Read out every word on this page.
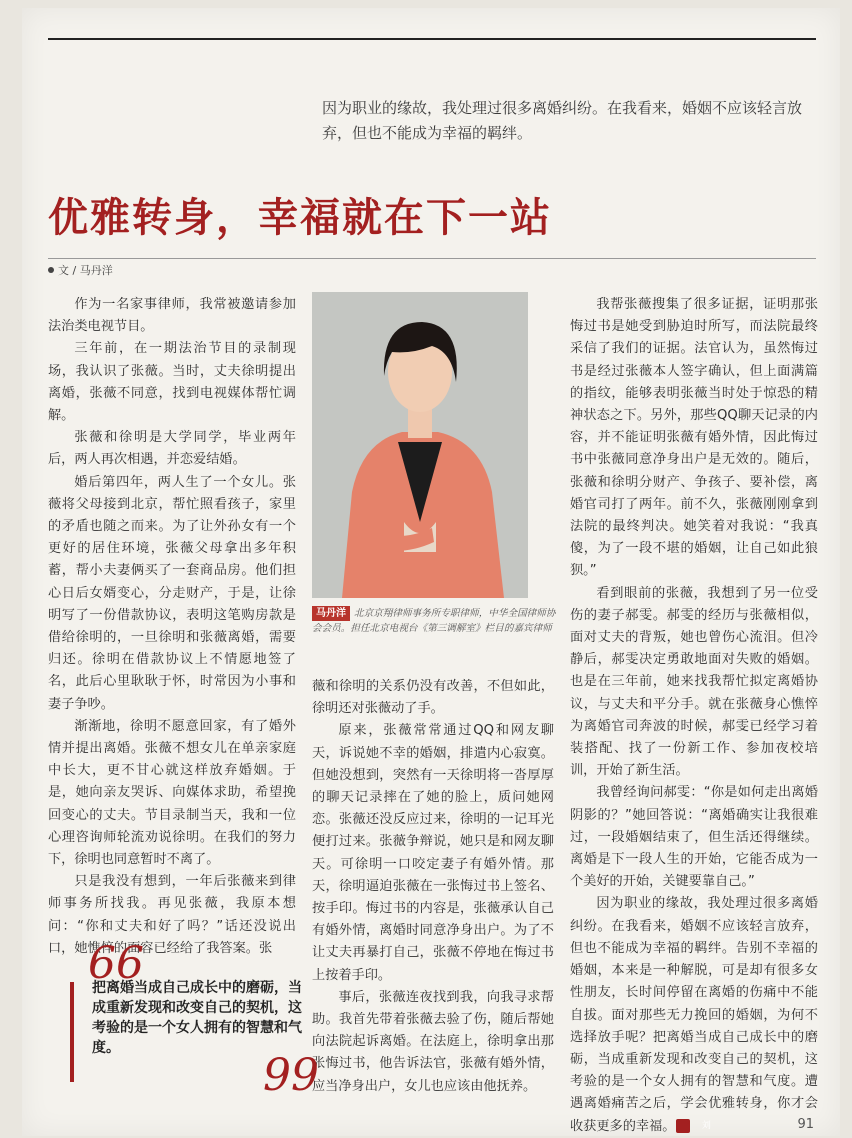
因为职业的缘故，我处理过很多离婚纠纷。在我看来，婚姻不应该轻言放弃，但也不能成为幸福的羁绊。
优雅转身，幸福就在下一站
文 / 马丹洋

作为一名家事律师，我常被邀请参加法治类电视节目。

三年前，在一期法治节目的录制现场，我认识了张薇。当时，丈夫徐明提出离婚，张薇不同意，找到电视媒体帮忙调解。

张薇和徐明是大学同学，毕业两年后，两人再次相遇，并恋爱结婚。

婚后第四年，两人生了一个女儿。张薇将父母接到北京，帮忙照看孩子，家里的矛盾也随之而来。为了让外孙女有一个更好的居住环境，张薇父母拿出多年积蓄，帮小夫妻俩买了一套商品房。他们担心日后女婿变心，分走财产，于是，让徐明写了一份借款协议，表明这笔购房款是借给徐明的，一旦徐明和张薇离婚，需要归还。徐明在借款协议上不情愿地签了名，此后心里耿耿于怀，时常因为小事和妻子争吵。

渐渐地，徐明不愿意回家，有了婚外情并提出离婚。张薇不想女儿在单亲家庭中长大，更不甘心就这样放弃婚姻。于是，她向亲友哭诉、向媒体求助，希望挽回变心的丈夫。节目录制当天，我和一位心理咨询师轮流劝说徐明。在我们的努力下，徐明也同意暂时不离了。

只是我没有想到，一年后张薇来到律师事务所找我。再见张薇，我原本想问：“你和丈夫和好了吗？”话还没说出口，她憔悴的面容已经给了我答案。张

马丹洋 北京京翔律师事务所专职律师，中华全国律师协会会员。担任北京电视台《第三调解室》栏目的嘉宾律师

薇和徐明的关系仍没有改善，不但如此，徐明还对张薇动了手。

原来，张薇常常通过QQ和网友聊天，诉说她不幸的婚姻，排遣内心寂寞。但她没想到，突然有一天徐明将一沓厚厚的聊天记录摔在了她的脸上，质问她网恋。张薇还没反应过来，徐明的一记耳光便打过来。张薇争辩说，她只是和网友聊天。可徐明一口咬定妻子有婚外情。那天，徐明逼迫张薇在一张悔过书上签名、按手印。悔过书的内容是，张薇承认自己有婚外情，离婚时同意净身出户。为了不让丈夫再暴打自己，张薇不停地在悔过书上按着手印。

事后，张薇连夜找到我，向我寻求帮助。我首先带着张薇去验了伤，随后帮她向法院起诉离婚。在法庭上，徐明拿出那张悔过书，他告诉法官，张薇有婚外情，应当净身出户，女儿也应该由他抚养。

我帮张薇搜集了很多证据，证明那张悔过书是她受到胁迫时所写，而法院最终采信了我们的证据。法官认为，虽然悔过书是经过张薇本人签字确认，但上面满篇的指纹，能够表明张薇当时处于惊恐的精神状态之下。另外，那些QQ聊天记录的内容，并不能证明张薇有婚外情，因此悔过书中张薇同意净身出户是无效的。随后，张薇和徐明分财产、争孩子、要补偿，离婚官司打了两年。前不久，张薇刚刚拿到法院的最终判决。她笑着对我说：“我真傻，为了一段不堪的婚姻，让自己如此狼狈。”

看到眼前的张薇，我想到了另一位受伤的妻子郝雯。郝雯的经历与张薇相似，面对丈夫的背叛，她也曾伤心流泪。但冷静后，郝雯决定勇敢地面对失败的婚姻。也是在三年前，她来找我帮忙拟定离婚协议，与丈夫和平分手。就在张薇身心憔悴为离婚官司奔波的时候，郝雯已经学习着装搭配、找了一份新工作、参加夜校培训，开始了新生活。

我曾经询问郝雯：“你是如何走出离婚阴影的？”她回答说：“离婚确实让我很难过，一段婚姻结束了，但生活还得继续。离婚是下一段人生的开始，它能否成为一个美好的开始，关键要靠自己。”

因为职业的缘故，我处理过很多离婚纠纷。在我看来，婚姻不应该轻言放弃，但也不能成为幸福的羁绊。告别不幸福的婚姻，本来是一种解脱，可是却有很多女性朋友，长时间停留在离婚的伤痛中不能自拔。面对那些无力挽回的婚姻，为何不选择放手呢？把离婚当成自己成长中的磨砺，当成重新发现和改变自己的契机，这考验的是一个女人拥有的智慧和气度。遭遇离婚痛苦之后，学会优雅转身，你才会收获更多的幸福。	刘

66
把离婚当成自己成长中的磨砺，当成重新发现和改变自己的契机，这考验的是一个女人拥有的智慧和气度。
99
91
